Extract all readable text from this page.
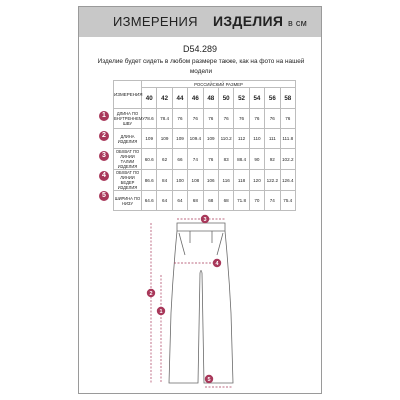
ИЗМЕРЕНИЯ ИЗДЕЛИЯ в см
D54.289
Изделие будет сидеть в любом размере также, как на фото на нашей модели
ИЗМЕРЕНИЯ	РОССИЙСКИЙ РАЗМЕР									
	40	42	44	46	48	50	52	54	56	58
ДЛИНА ПО ВНУТРЕННЕМУ ШВУ	78.6	78.4	76	76	76	76	76	76	76	76
ДЛИНА ИЗДЕЛИЯ	109	109	109	109.4	109	110.2	112	110	111	111.8
ОБХВАТ ПО ЛИНИИ ТАЛИИ ИЗДЕЛИЯ	60.6	62	66	74	76	83	88.4	90	92	102.2
ОБХВАТ ПО ЛИНИИ БЕДЕР ИЗДЕЛИЯ	86.6	84	100	108	106	116	118	120	122.2	126.4
ШИРИНА ПО НИЗУ	64.6	64	64	68	68	68	71.8	70	74	75.4
3
4
1
2
5
1
2
3
4
5
